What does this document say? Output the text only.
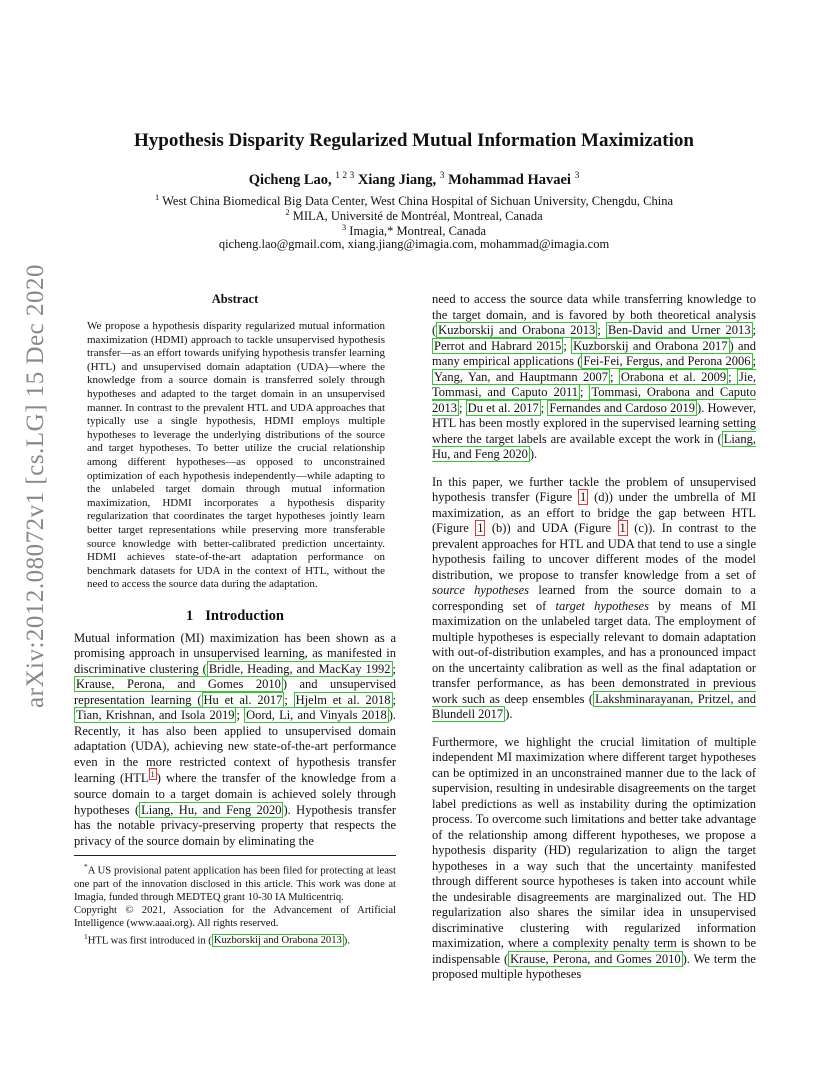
arXiv:2012.08072v1 [cs.LG] 15 Dec 2020
Hypothesis Disparity Regularized Mutual Information Maximization
Qicheng Lao, $^{1 2 3}$ Xiang Jiang, $^3$ Mohammad Havaei $^3$
$^1$ West China Biomedical Big Data Center, West China Hospital of Sichuan University, Chengdu, China
$^2$ MILA, Université de Montréal, Montreal, Canada
$^3$ Imagia,* Montreal, Canada
qicheng.lao@gmail.com, xiang.jiang@imagia.com, mohammad@imagia.com
Abstract

We propose a hypothesis disparity regularized mutual information maximization (HDMI) approach to tackle unsupervised hypothesis transfer—as an effort towards unifying hypothesis transfer learning (HTL) and unsupervised domain adaptation (UDA)—where the knowledge from a source domain is transferred solely through hypotheses and adapted to the target domain in an unsupervised manner. In contrast to the prevalent HTL and UDA approaches that typically use a single hypothesis, HDMI employs multiple hypotheses to leverage the underlying distributions of the source and target hypotheses. To better utilize the crucial relationship among different hypotheses—as opposed to unconstrained optimization of each hypothesis independently—while adapting to the unlabeled target domain through mutual information maximization, HDMI incorporates a hypothesis disparity regularization that coordinates the target hypotheses jointly learn better target representations while preserving more transferable source knowledge with better-calibrated prediction uncertainty. HDMI achieves state-of-the-art adaptation performance on benchmark datasets for UDA in the context of HTL, without the need to access the source data during the adaptation.

1 Introduction

Mutual information (MI) maximization has been shown as a promising approach in unsupervised learning, as manifested in discriminative clustering ( Bridle, Heading, and MacKay 1992 ; Krause, Perona, and Gomes 2010 ) and unsupervised representation learning ( Hu et al. 2017 ; Hjelm et al. 2018 ; Tian, Krishnan, and Isola 2019 ; Oord, Li, and Vinyals 2018 ). Recently, it has also been applied to unsupervised domain adaptation (UDA), achieving new state-of-the-art performance even in the more restricted context of hypothesis transfer learning (HTL $^1$ ) where the transfer of the knowledge from a source domain to a target domain is achieved solely through hypotheses ( Liang, Hu, and Feng 2020 ). Hypothesis transfer has the notable privacy-preserving property that respects the privacy of the source domain by eliminating the

*A US provisional patent application has been filed for protecting at least one part of the innovation disclosed in this article. This work was done at Imagia, funded through MEDTEQ grant 10-30 IA Multicentriq.

Copyright © 2021, Association for the Advancement of Artificial Intelligence (www.aaai.org). All rights reserved.

$^1$HTL was first introduced in ( Kuzborskij and Orabona 2013 ).

need to access the source data while transferring knowledge to the target domain, and is favored by both theoretical analysis ( Kuzborskij and Orabona 2013 ; Ben-David and Urner 2013 ; Perrot and Habrard 2015 ; Kuzborskij and Orabona 2017 ) and many empirical applications ( Fei-Fei, Fergus, and Perona 2006 ; Yang, Yan, and Hauptmann 2007 ; Orabona et al. 2009 ; Jie, Tommasi, and Caputo 2011 ; Tommasi, Orabona and Caputo 2013 ; Du et al. 2017 ; Fernandes and Cardoso 2019 ). However, HTL has been mostly explored in the supervised learning setting where the target labels are available except the work in ( Liang, Hu, and Feng 2020 ).

In this paper, we further tackle the problem of unsupervised hypothesis transfer (Figure 1 (d)) under the umbrella of MI maximization, as an effort to bridge the gap between HTL (Figure 1 (b)) and UDA (Figure 1 (c)). In contrast to the prevalent approaches for HTL and UDA that tend to use a single hypothesis failing to uncover different modes of the model distribution, we propose to transfer knowledge from a set of source hypotheses learned from the source domain to a corresponding set of target hypotheses by means of MI maximization on the unlabeled target data. The employment of multiple hypotheses is especially relevant to domain adaptation with out-of-distribution examples, and has a pronounced impact on the uncertainty calibration as well as the final adaptation or transfer performance, as has been demonstrated in previous work such as deep ensembles ( Lakshminarayanan, Pritzel, and Blundell 2017 ).

Furthermore, we highlight the crucial limitation of multiple independent MI maximization where different target hypotheses can be optimized in an unconstrained manner due to the lack of supervision, resulting in undesirable disagreements on the target label predictions as well as instability during the optimization process. To overcome such limitations and better take advantage of the relationship among different hypotheses, we propose a hypothesis disparity (HD) regularization to align the target hypotheses in a way such that the uncertainty manifested through different source hypotheses is taken into account while the undesirable disagreements are marginalized out. The HD regularization also shares the similar idea in unsupervised discriminative clustering with regularized information maximization, where a complexity penalty term is shown to be indispensable ( Krause, Perona, and Gomes 2010 ). We term the proposed multiple hypotheses
